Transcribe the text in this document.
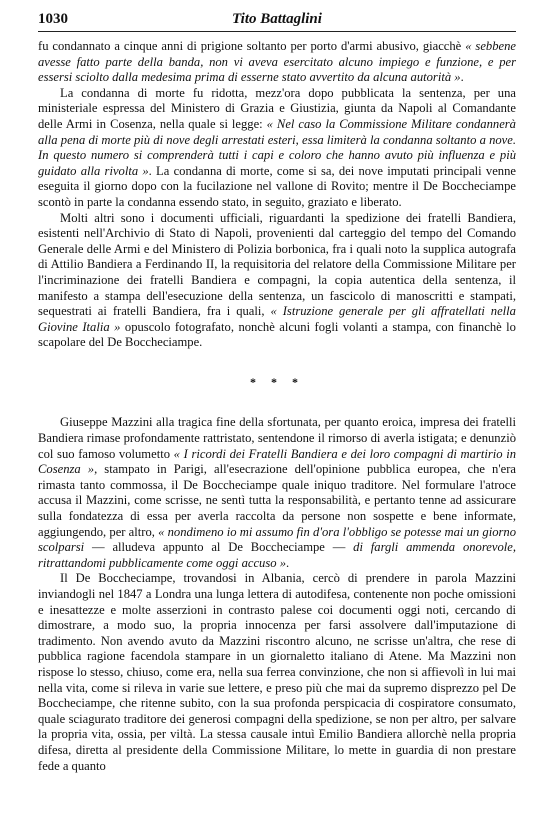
1030	Tito Battaglini

fu condannato a cinque anni di prigione soltanto per porto d'armi abusivo, giacchè « sebbene avesse fatto parte della banda, non vi aveva esercitato alcuno impiego e funzione, e per essersi sciolto dalla medesima prima di esserne stato avvertito da alcuna autorità ».

La condanna di morte fu ridotta, mezz'ora dopo pubblicata la sentenza, per una ministeriale espressa del Ministero di Grazia e Giustizia, giunta da Napoli al Comandante delle Armi in Cosenza, nella quale si legge: « Nel caso la Commissione Militare condannerà alla pena di morte più di nove degli arrestati esteri, essa limiterà la condanna soltanto a nove. In questo numero si comprenderà tutti i capi e coloro che hanno avuto più influenza e più guidato alla rivolta ». La condanna di morte, come si sa, dei nove imputati principali venne eseguita il giorno dopo con la fucilazione nel vallone di Rovito; mentre il De Boccheciampe scontò in parte la condanna essendo stato, in seguito, graziato e liberato.

Molti altri sono i documenti ufficiali, riguardanti la spedizione dei fratelli Bandiera, esistenti nell'Archivio di Stato di Napoli, provenienti dal carteggio del tempo del Comando Generale delle Armi e del Ministero di Polizia borbonica, fra i quali noto la supplica autografa di Attilio Bandiera a Ferdinando II, la requisitoria del relatore della Commissione Militare per l'incriminazione dei fratelli Bandiera e compagni, la copia autentica della sentenza, il manifesto a stampa dell'esecuzione della sentenza, un fascicolo di manoscritti e stampati, sequestrati ai fratelli Bandiera, fra i quali, « Istruzione generale per gli affratellati nella Giovine Italia » opuscolo fotografato, nonchè alcuni fogli volanti a stampa, con financhè lo scapolare del De Boccheciampe.

* * *

Giuseppe Mazzini alla tragica fine della sfortunata, per quanto eroica, impresa dei fratelli Bandiera rimase profondamente rattristato, sentendone il rimorso di averla istigata; e denunziò col suo famoso volumetto « I ricordi dei Fratelli Bandiera e dei loro compagni di martirio in Cosenza », stampato in Parigi, all'esecrazione dell'opinione pubblica europea, che n'era rimasta tanto commossa, il De Boccheciampe quale iniquo traditore. Nel formulare l'atroce accusa il Mazzini, come scrisse, ne sentì tutta la responsabilità, e pertanto tenne ad assicurare sulla fondatezza di essa per averla raccolta da persone non sospette e bene informate, aggiungendo, per altro, « nondimeno io mi assumo fin d'ora l'obbligo se potesse mai un giorno scolparsi — alludeva appunto al De Boccheciampe — di fargli ammenda onorevole, ritrattandomi pubblicamente come oggi accuso ».

Il De Boccheciampe, trovandosi in Albania, cercò di prendere in parola Mazzini inviandogli nel 1847 a Londra una lunga lettera di autodifesa, contenente non poche omissioni e inesattezze e molte asserzioni in contrasto palese coi documenti oggi noti, cercando di dimostrare, a modo suo, la propria innocenza per farsi assolvere dall'imputazione di tradimento. Non avendo avuto da Mazzini riscontro alcuno, ne scrisse un'altra, che rese di pubblica ragione facendola stampare in un giornaletto italiano di Atene. Ma Mazzini non rispose lo stesso, chiuso, come era, nella sua ferrea convinzione, che non si affievolì in lui mai nella vita, come si rileva in varie sue lettere, e preso più che mai da supremo disprezzo pel De Boccheciampe, che ritenne subito, con la sua profonda perspicacia di cospiratore consumato, quale sciagurato traditore dei generosi compagni della spedizione, se non per altro, per salvare la propria vita, ossia, per viltà. La stessa causale intuì Emilio Bandiera allorchè nella propria difesa, diretta al presidente della Commissione Militare, lo mette in guardia di non prestare fede a quanto
